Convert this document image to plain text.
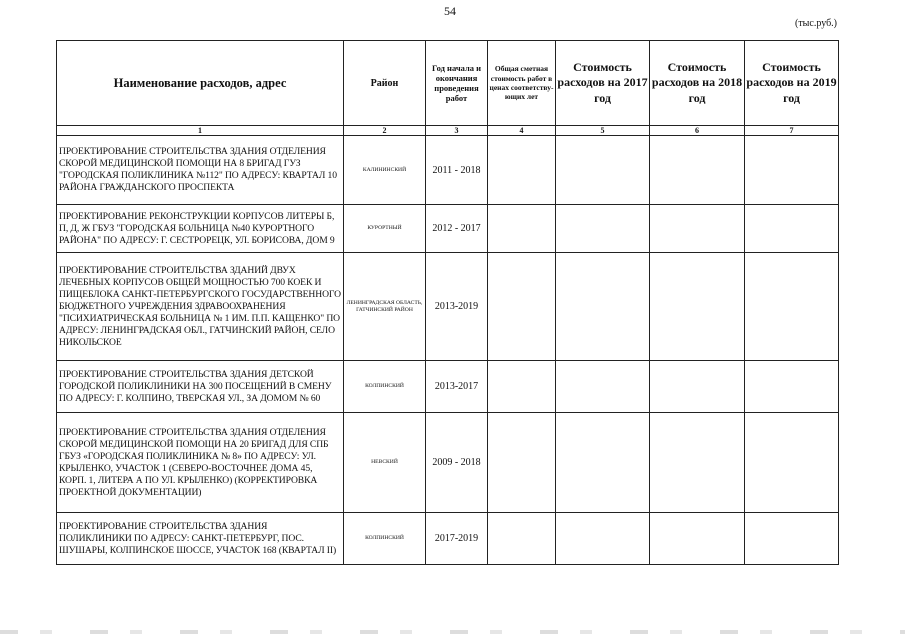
54
(тыс.руб.)
Наименование расходов, адрес	Район	Год начала и окончания проведения работ	Общая сметная стоимость работ в ценах соответству-ющих лет	Стоимость расходов на 2017 год	Стоимость расходов на 2018 год	Стоимость расходов на 2019 год
1	2	3	4	5	6	7
ПРОЕКТИРОВАНИЕ СТРОИТЕЛЬСТВА ЗДАНИЯ ОТДЕЛЕНИЯ СКОРОЙ МЕДИЦИНСКОЙ ПОМОЩИ НА 8 БРИГАД ГУЗ "ГОРОДСКАЯ ПОЛИКЛИНИКА №112" ПО АДРЕСУ: КВАРТАЛ 10 РАЙОНА ГРАЖДАНСКОГО ПРОСПЕКТА	КАЛИНИНСКИЙ	2011 - 2018				
ПРОЕКТИРОВАНИЕ РЕКОНСТРУКЦИИ КОРПУСОВ ЛИТЕРЫ Б, П, Д, Ж ГБУЗ "ГОРОДСКАЯ БОЛЬНИЦА №40 КУРОРТНОГО РАЙОНА" ПО АДРЕСУ: Г. СЕСТРОРЕЦК, УЛ. БОРИСОВА, ДОМ 9	КУРОРТНЫЙ	2012 - 2017				
ПРОЕКТИРОВАНИЕ СТРОИТЕЛЬСТВА ЗДАНИЙ ДВУХ ЛЕЧЕБНЫХ КОРПУСОВ ОБЩЕЙ МОЩНОСТЬЮ 700 КОЕК И ПИЩЕБЛОКА САНКТ-ПЕТЕРБУРГСКОГО ГОСУДАРСТВЕННОГО БЮДЖЕТНОГО УЧРЕЖДЕНИЯ ЗДРАВООХРАНЕНИЯ "ПСИХИАТРИЧЕСКАЯ БОЛЬНИЦА № 1 ИМ. П.П. КАЩЕНКО" ПО АДРЕСУ: ЛЕНИНГРАДСКАЯ ОБЛ., ГАТЧИНСКИЙ РАЙОН, СЕЛО НИКОЛЬСКОЕ	ЛЕНИНГРАДСКАЯ ОБЛАСТЬ, ГАТЧИНСКИЙ РАЙОН	2013-2019				
ПРОЕКТИРОВАНИЕ СТРОИТЕЛЬСТВА ЗДАНИЯ ДЕТСКОЙ ГОРОДСКОЙ ПОЛИКЛИНИКИ НА 300 ПОСЕЩЕНИЙ В СМЕНУ ПО АДРЕСУ: Г. КОЛПИНО, ТВЕРСКАЯ УЛ., ЗА ДОМОМ № 60	КОЛПИНСКИЙ	2013-2017				
ПРОЕКТИРОВАНИЕ СТРОИТЕЛЬСТВА ЗДАНИЯ ОТДЕЛЕНИЯ СКОРОЙ МЕДИЦИНСКОЙ ПОМОЩИ НА 20 БРИГАД ДЛЯ СПБ ГБУЗ «ГОРОДСКАЯ ПОЛИКЛИНИКА № 8» ПО АДРЕСУ: УЛ. КРЫЛЕНКО, УЧАСТОК 1 (СЕВЕРО-ВОСТОЧНЕЕ ДОМА 45, КОРП. 1, ЛИТЕРА А ПО УЛ. КРЫЛЕНКО) (КОРРЕКТИРОВКА ПРОЕКТНОЙ ДОКУМЕНТАЦИИ)	НЕВСКИЙ	2009 - 2018				
ПРОЕКТИРОВАНИЕ СТРОИТЕЛЬСТВА ЗДАНИЯ ПОЛИКЛИНИКИ ПО АДРЕСУ: САНКТ-ПЕТЕРБУРГ, ПОС. ШУШАРЫ, КОЛПИНСКОЕ ШОССЕ, УЧАСТОК 168 (КВАРТАЛ II)	КОЛПИНСКИЙ	2017-2019				
